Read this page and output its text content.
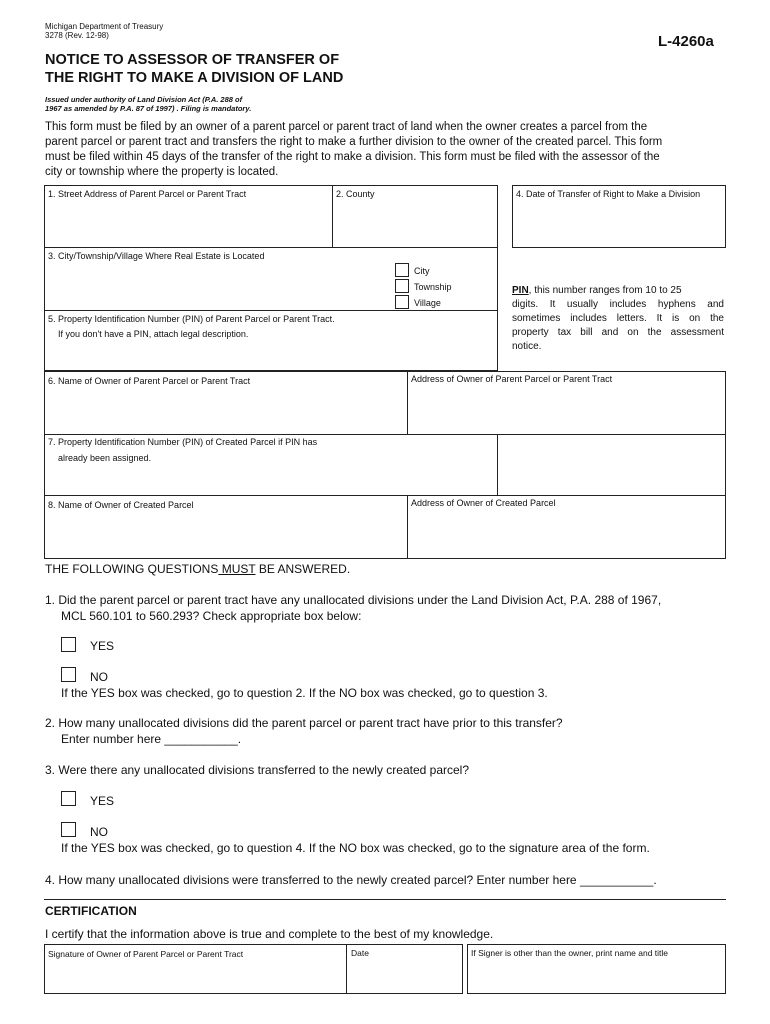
Michigan Department of Treasury
3278 (Rev. 12-98)	L-4260a
NOTICE TO ASSESSOR OF TRANSFER OF
THE RIGHT TO MAKE A DIVISION OF LAND
Issued under authority of Land Division Act (P.A. 288 of
1967 as amended by P.A. 87 of 1997) . Filing is mandatory.
This form must be filed by an owner of a parent parcel or parent tract of land when the owner creates a parcel from the
parent parcel or parent tract and transfers the right to make a further division to the owner of the created parcel. This form
must be filed within 45 days of the transfer of the right to make a division. This form must be filed with the assessor of the
city or township where the property is located.
1. Street Address of Parent Parcel or Parent Tract	2. County
3. City/Township/Village Where Real Estate is Located
City
Township
Village
5. Property Identification Number (PIN) of Parent Parcel or Parent Tract.
If you don't have a PIN, attach legal description.
4. Date of Transfer of Right to Make a Division
PIN, this number ranges from 10 to 25
digits. It usually includes hyphens and
sometimes includes letters. It is on the
property tax bill and on the assessment
notice.
6. Name of Owner of Parent Parcel or Parent Tract	Address of Owner of Parent Parcel or Parent Tract
7. Property Identification Number (PIN) of Created Parcel if PIN has
already been assigned.
8. Name of Owner of Created Parcel	Address of Owner of Created Parcel
THE FOLLOWING QUESTIONS MUST BE ANSWERED.
1. Did the parent parcel or parent tract have any unallocated divisions under the Land Division Act, P.A. 288 of 1967,
MCL 560.101 to 560.293? Check appropriate box below:
YES
NO
If the YES box was checked, go to question 2. If the NO box was checked, go to question 3.
2. How many unallocated divisions did the parent parcel or parent tract have prior to this transfer?
Enter number here ___________.
3. Were there any unallocated divisions transferred to the newly created parcel?
YES
NO
If the YES box was checked, go to question 4. If the NO box was checked, go to the signature area of the form.
4. How many unallocated divisions were transferred to the newly created parcel? Enter number here ___________.
CERTIFICATION
I certify that the information above is true and complete to the best of my knowledge.
Signature of Owner of Parent Parcel or Parent Tract	Date	If Signer is other than the owner, print name and title
